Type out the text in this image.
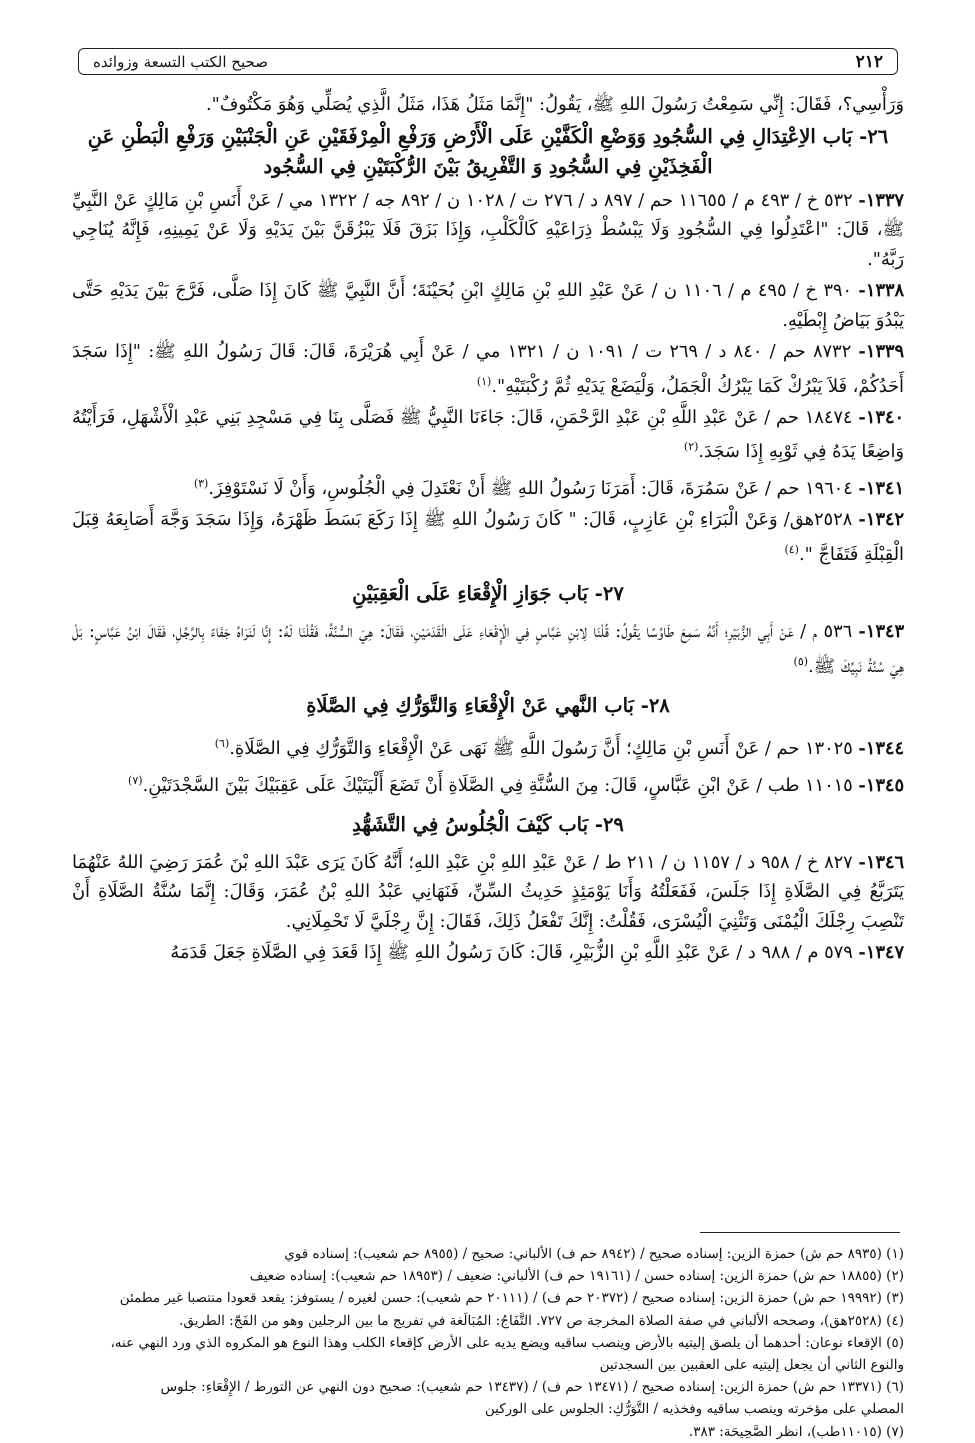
٢١٢
صحيح الكتب التسعة وزوائده

وَرَأْسِي؟، فَقَالَ: إِنِّي سَمِعْتُ رَسُولَ اللهِ ﷺ، يَقُولُ: "إِنَّمَا مَثَلُ هَذَا، مَثَلُ الَّذِي يُصَلِّي وَهُوَ مَكْتُوفٌ".

٢٦- بَاب الاِعْتِدَالِ فِي السُّجُودِ وَوَضْعِ الْكَفَّيْنِ عَلَى الْأَرْضِ وَرَفْعِ الْمِرْفَقَيْنِ عَنِ الْجَنْبَيْنِ وَرَفْعِ الْبَطْنِ عَنِ الْفَخِذَيْنِ فِي السُّجُودِ وَ التَّفْرِيقُ بَيْنَ الرُّكْبَتَيْنِ فِي السُّجُود

١٣٣٧- ٥٣٢ خ / ٤٩٣ م / ١١٦٥٥ حم / ٨٩٧ د / ٢٧٦ ت / ١٠٢٨ ن / ٨٩٢ جه / ١٣٢٢ مي / عَنْ أَنَسِ بْنِ مَالِكٍ عَنْ النَّبِيِّ ﷺ، قَالَ: "اعْتَدِلُوا فِي السُّجُودِ وَلَا يَبْسُطْ ذِرَاعَيْهِ كَالْكَلْبِ، وَإِذَا بَزَقَ فَلَا يَبْزُقَنَّ بَيْنَ يَدَيْهِ وَلَا عَنْ يَمِينِهِ، فَإِنَّهُ يُنَاجِي رَبَّهُ".

١٣٣٨- ٣٩٠ خ / ٤٩٥ م / ١١٠٦ ن / عَنْ عَبْدِ اللهِ بْنِ مَالِكٍ ابْنِ بُحَيْنَةَ؛ أَنَّ النَّبِيَّ ﷺ كَانَ إِذَا صَلَّى، فَرَّجَ بَيْنَ يَدَيْهِ حَتَّى يَبْدُوَ بَيَاضُ إِبْطَيْهِ.

١٣٣٩- ٨٧٣٢ حم / ٨٤٠ د / ٢٦٩ ت / ١٠٩١ ن / ١٣٢١ مي / عَنْ أَبِي هُرَيْرَةَ، قَالَ: قَالَ رَسُولُ اللهِ ﷺ: "إِذَا سَجَدَ أَحَدُكُمْ، فَلاَ يَبْرُكْ كَمَا يَبْرُكُ الْجَمَلُ، وَلْيَضَعْ يَدَيْهِ ثُمَّ رُكْبَتَيْهِ".$^{(١)}$

١٣٤٠- ١٨٤٧٤ حم / عَنْ عَبْدِ اللَّهِ بْنِ عَبْدِ الرَّحْمَنِ، قَالَ: جَاءَنَا النَّبِيُّ ﷺ فَصَلَّى بِنَا فِي مَسْجِدِ بَنِي عَبْدِ الْأَشْهَلِ، فَرَأَيْتُهُ وَاضِعًا يَدَهُ فِي ثَوْبِهِ إِذَا سَجَدَ.$^{(٢)}$

١٣٤١- ١٩٦٠٤ حم / عَنْ سَمُرَةَ، قَالَ: أَمَرَنَا رَسُولُ اللهِ ﷺ أَنْ نَعْتَدِلَ فِي الْجُلُوسِ، وَأَنْ لَا نَسْتَوْفِزَ.$^{(٣)}$

١٣٤٢- ٢٥٢٨هق/ وَعَنْ الْبَرَاءِ بْنِ عَازِبٍ، قَالَ: " كَانَ رَسُولُ اللهِ ﷺ إِذَا رَكَعَ بَسَطَ ظَهْرَهُ، وَإِذَا سَجَدَ وَجَّهَ أَصَابِعَهُ قِبَلَ الْقِبْلَةِ فَتَفَاجَّ ".$^{(٤)}$

٢٧- بَاب جَوَازِ الْإِقْعَاءِ عَلَى الْعَقِبَيْنِ

١٣٤٣- ٥٣٦ م / عَنْ أَبِي الزُّبَيْرِ؛ أَنَّهُ سَمِعَ طَاوُسًا يَقُولُ: قُلْنَا لِابْنِ عَبَّاسٍ فِي الْإِقْعَاءِ عَلَى الْقَدَمَيْنِ، فَقَالَ: هِيَ السُّنَّةُ، فَقُلْنَا لَهُ: إِنَّا لَنَرَاهُ جَفَاءً بِالرَّجُلِ، فَقَالَ ابْنُ عَبَّاسٍ: بَلْ هِيَ سُنَّةُ نَبِيِّكَ ﷺ.$^{(٥)}$

٢٨- بَاب النَّهي عَنْ الْإِقْعَاءِ وَالتَّوَرُّكِ فِي الصَّلَاةِ

١٣٤٤- ١٣٠٢٥ حم / عَنْ أَنَسِ بْنِ مَالِكٍ؛ أَنَّ رَسُولَ اللَّهِ ﷺ نَهَى عَنْ الْإِقْعَاءِ وَالتَّوَرُّكِ فِي الصَّلَاةِ.$^{(٦)}$

١٣٤٥- ١١٠١٥ طب / عَنْ ابْنِ عَبَّاسٍ، قَالَ: مِنَ السُّنَّةِ فِي الصَّلَاةِ أَنْ تَضَعَ أَلْيَتَيْكَ عَلَى عَقِبَيْكَ بَيْنَ السَّجْدَتَيْنِ.$^{(٧)}$

٢٩- بَاب كَيْفَ الْجُلُوسُ فِي التَّشَهُّدِ

١٣٤٦- ٨٢٧ خ / ٩٥٨ د / ١١٥٧ ن / ٢١١ ط / عَنْ عَبْدِ اللهِ بْنِ عَبْدِ اللهِ؛ أَنَّهُ كَانَ يَرَى عَبْدَ اللهِ بْنَ عُمَرَ رَضِيَ اللهُ عَنْهُمَا يَتَرَبَّعُ فِي الصَّلَاةِ إِذَا جَلَسَ، فَفَعَلْتُهُ وَأَنَا يَوْمَئِذٍ حَدِيثُ السِّنِّ، فَنَهَانِي عَبْدُ اللهِ بْنُ عُمَرَ، وَقَالَ: إِنَّمَا سُنَّةُ الصَّلَاةِ أَنْ تَنْصِبَ رِجْلَكَ الْيُمْنَى وَتَثْنِيَ الْيُسْرَى، فَقُلْتُ: إِنَّكَ تَفْعَلُ ذَلِكَ، فَقَالَ: إِنَّ رِجْلَيَّ لَا تَحْمِلَانِي.

١٣٤٧- ٥٧٩ م / ٩٨٨ د / عَنْ عَبْدِ اللَّهِ بْنِ الزُّبَيْرِ، قَالَ: كَانَ رَسُولُ اللهِ ﷺ إِذَا قَعَدَ فِي الصَّلَاةِ جَعَلَ قَدَمَهُ

(١) (٨٩٣٥ حم ش) حمزة الزين: إسناده صحيح / (٨٩٤٢ حم ف) الألباني: صحيح / (٨٩٥٥ حم شعيب): إسناده قوي

(٢) (١٨٨٥٥ حم ش) حمزة الزين: إسناده حسن / (١٩١٦١ حم ف) الألباني: ضعيف / (١٨٩٥٣ حم شعيب): إسناده ضعيف

(٣) (١٩٩٩٢ حم ش) حمزة الزين: إسناده صحيح / (٢٠٣٧٢ حم ف) / (٢٠١١١ حم شعيب): حسن لغيره / يستوفز: يقعد قعودا منتصبا غير مطمئن

(٤) (٢٥٢٨هق)، وصححه الألباني في صفة الصلاة المخرجة ص ٧٢٧. التَّفَاجُ: المُبَالَغة في تفريج ما بين الرجلين وهو من الفَجّ: الطريق.

(٥) الإقعاء نوعان: أحدهما أن يلصق إليتيه بالأرض وينصب ساقيه ويضع يديه على الأرض كإقعاء الكلب وهذا النوع هو المكروه الذي ورد النهي عنه،

والنوع الثاني أن يجعل إليتيه على العقبين بين السجدتين

(٦) (١٣٣٧١ حم ش) حمزة الزين: إسناده صحيح / (١٣٤٧١ حم ف) / (١٣٤٣٧ حم شعيب): صحيح دون النهي عن التورط / الإِقْعَاءِ: جلوس

المصلي على مؤخرته وينصب ساقيه وفخذيه / التَّوَرُّكِ: الجلوس على الوركين

(٧) (١١٠١٥طب)، انظر الصَّحِيحَة: ٣٨٣.
